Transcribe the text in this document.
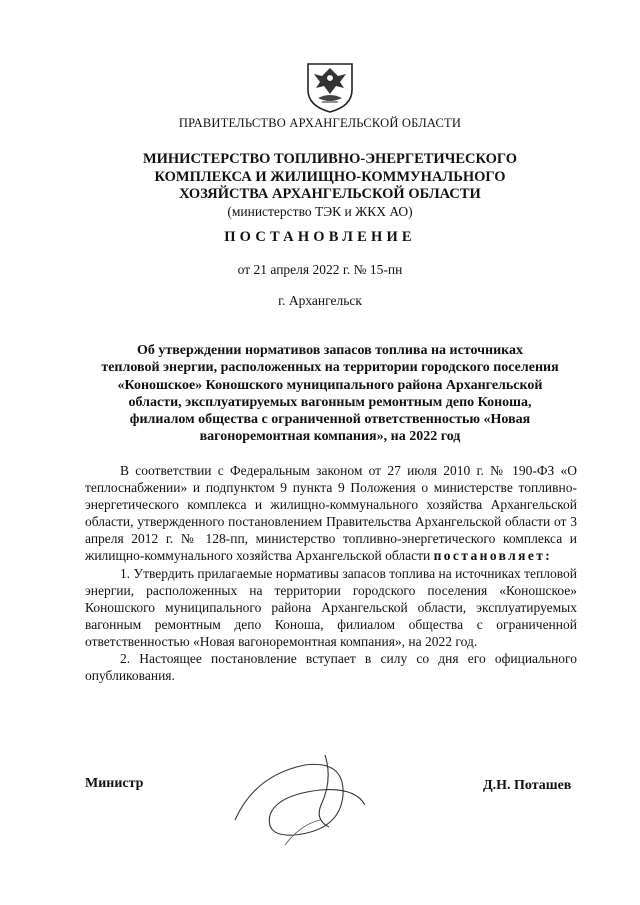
ПРАВИТЕЛЬСТВО АРХАНГЕЛЬСКОЙ ОБЛАСТИ
МИНИСТЕРСТВО ТОПЛИВНО-ЭНЕРГЕТИЧЕСКОГО
КОМПЛЕКСА И ЖИЛИЩНО-КОММУНАЛЬНОГО
ХОЗЯЙСТВА АРХАНГЕЛЬСКОЙ ОБЛАСТИ
(министерство ТЭК и ЖКХ АО)
ПОСТАНОВЛЕНИЕ
от 21 апреля 2022 г. № 15-пн
г. Архангельск
Об утверждении нормативов запасов топлива на источниках
тепловой энергии, расположенных на территории городского поселения
«Коношское» Коношского муниципального района Архангельской
области, эксплуатируемых вагонным ремонтным депо Коноша,
филиалом общества с ограниченной ответственностью «Новая
вагоноремонтная компания», на 2022 год

В соответствии с Федеральным законом от 27 июля 2010 г. № 190-ФЗ «О теплоснабжении» и подпунктом 9 пункта 9 Положения о министерстве топливно-энергетического комплекса и жилищно-коммунального хозяйства Архангельской области, утвержденного постановлением Правительства Архангельской области от 3 апреля 2012 г. № 128-пп, министерство топливно-энергетического комплекса и жилищно-коммунального хозяйства Архангельской области постановляет:

1. Утвердить прилагаемые нормативы запасов топлива на источниках тепловой энергии, расположенных на территории городского поселения «Коношское» Коношского муниципального района Архангельской области, эксплуатируемых вагонным ремонтным депо Коноша, филиалом общества с ограниченной ответственностью «Новая вагоноремонтная компания», на 2022 год.

2. Настоящее постановление вступает в силу со дня его официального опубликования.

Министр	Д.Н. Поташев
